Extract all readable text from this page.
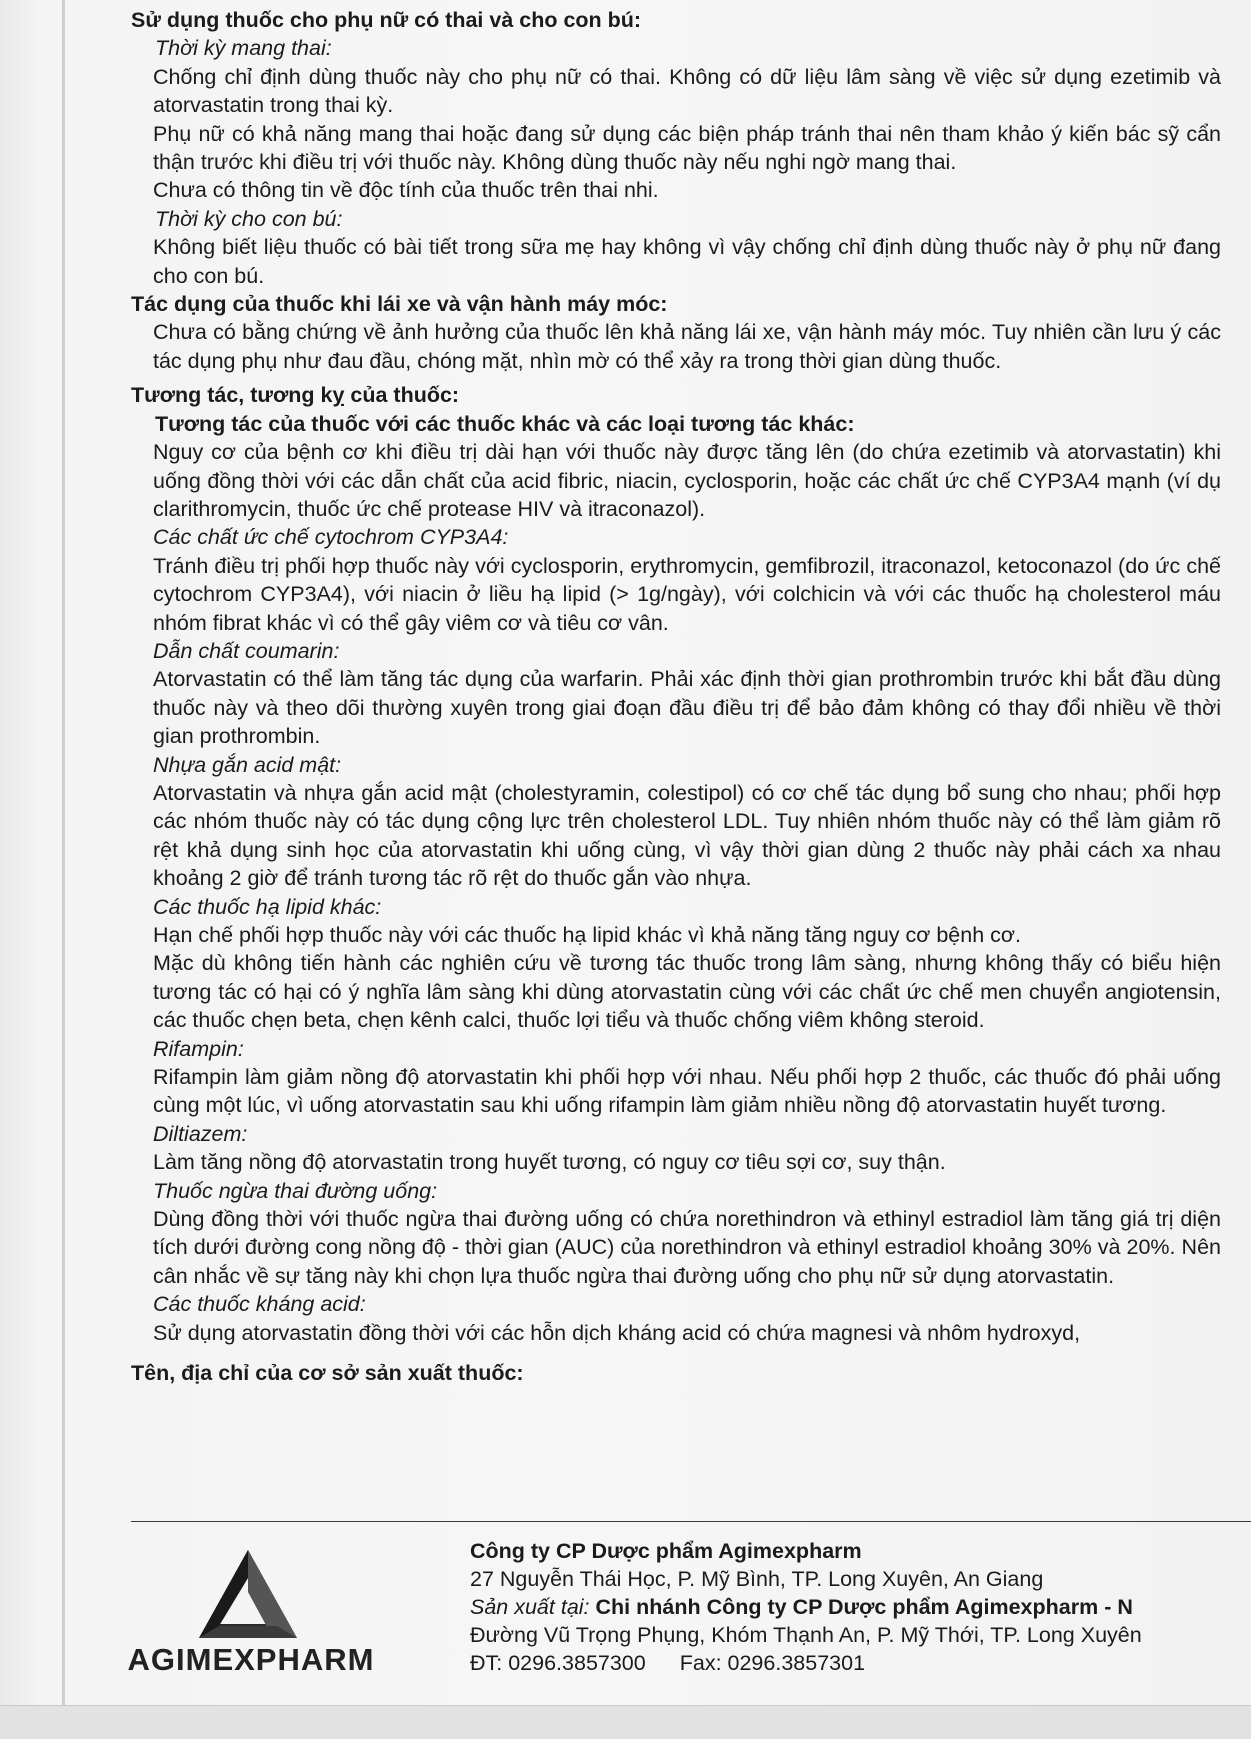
Sử dụng thuốc cho phụ nữ có thai và cho con bú:

Thời kỳ mang thai:

Chống chỉ định dùng thuốc này cho phụ nữ có thai. Không có dữ liệu lâm sàng về việc sử dụng ezetimib và atorvastatin trong thai kỳ.

Phụ nữ có khả năng mang thai hoặc đang sử dụng các biện pháp tránh thai nên tham khảo ý kiến bác sỹ cẩn thận trước khi điều trị với thuốc này. Không dùng thuốc này nếu nghi ngờ mang thai.

Chưa có thông tin về độc tính của thuốc trên thai nhi.

Thời kỳ cho con bú:

Không biết liệu thuốc có bài tiết trong sữa mẹ hay không vì vậy chống chỉ định dùng thuốc này ở phụ nữ đang cho con bú.

Tác dụng của thuốc khi lái xe và vận hành máy móc:

Chưa có bằng chứng về ảnh hưởng của thuốc lên khả năng lái xe, vận hành máy móc. Tuy nhiên cần lưu ý các tác dụng phụ như đau đầu, chóng mặt, nhìn mờ có thể xảy ra trong thời gian dùng thuốc.

Tương tác, tương kỵ của thuốc:

Tương tác của thuốc với các thuốc khác và các loại tương tác khác:

Nguy cơ của bệnh cơ khi điều trị dài hạn với thuốc này được tăng lên (do chứa ezetimib và atorvastatin) khi uống đồng thời với các dẫn chất của acid fibric, niacin, cyclosporin, hoặc các chất ức chế CYP3A4 mạnh (ví dụ clarithromycin, thuốc ức chế protease HIV và itraconazol).

Các chất ức chế cytochrom CYP3A4:

Tránh điều trị phối hợp thuốc này với cyclosporin, erythromycin, gemfibrozil, itraconazol, ketoconazol (do ức chế cytochrom CYP3A4), với niacin ở liều hạ lipid (> 1g/ngày), với colchicin và với các thuốc hạ cholesterol máu nhóm fibrat khác vì có thể gây viêm cơ và tiêu cơ vân.

Dẫn chất coumarin:

Atorvastatin có thể làm tăng tác dụng của warfarin. Phải xác định thời gian prothrombin trước khi bắt đầu dùng thuốc này và theo dõi thường xuyên trong giai đoạn đầu điều trị để bảo đảm không có thay đổi nhiều về thời gian prothrombin.

Nhựa gắn acid mật:

Atorvastatin và nhựa gắn acid mật (cholestyramin, colestipol) có cơ chế tác dụng bổ sung cho nhau; phối hợp các nhóm thuốc này có tác dụng cộng lực trên cholesterol LDL. Tuy nhiên nhóm thuốc này có thể làm giảm rõ rệt khả dụng sinh học của atorvastatin khi uống cùng, vì vậy thời gian dùng 2 thuốc này phải cách xa nhau khoảng 2 giờ để tránh tương tác rõ rệt do thuốc gắn vào nhựa.

Các thuốc hạ lipid khác:

Hạn chế phối hợp thuốc này với các thuốc hạ lipid khác vì khả năng tăng nguy cơ bệnh cơ.

Mặc dù không tiến hành các nghiên cứu về tương tác thuốc trong lâm sàng, nhưng không thấy có biểu hiện tương tác có hại có ý nghĩa lâm sàng khi dùng atorvastatin cùng với các chất ức chế men chuyển angiotensin, các thuốc chẹn beta, chẹn kênh calci, thuốc lợi tiểu và thuốc chống viêm không steroid.

Rifampin:

Rifampin làm giảm nồng độ atorvastatin khi phối hợp với nhau. Nếu phối hợp 2 thuốc, các thuốc đó phải uống cùng một lúc, vì uống atorvastatin sau khi uống rifampin làm giảm nhiều nồng độ atorvastatin huyết tương.

Diltiazem:

Làm tăng nồng độ atorvastatin trong huyết tương, có nguy cơ tiêu sợi cơ, suy thận.

Thuốc ngừa thai đường uống:

Dùng đồng thời với thuốc ngừa thai đường uống có chứa norethindron và ethinyl estradiol làm tăng giá trị diện tích dưới đường cong nồng độ - thời gian (AUC) của norethindron và ethinyl estradiol khoảng 30% và 20%. Nên cân nhắc về sự tăng này khi chọn lựa thuốc ngừa thai đường uống cho phụ nữ sử dụng atorvastatin.

Các thuốc kháng acid:

Sử dụng atorvastatin đồng thời với các hỗn dịch kháng acid có chứa magnesi và nhôm hydroxyd,

Tên, địa chỉ của cơ sở sản xuất thuốc:

AGIMEXPHARM

Công ty CP Dược phẩm Agimexpharm

27 Nguyễn Thái Học, P. Mỹ Bình, TP. Long Xuyên, An Giang

Sản xuất tại: Chi nhánh Công ty CP Dược phẩm Agimexpharm - N

Đường Vũ Trọng Phụng, Khóm Thạnh An, P. Mỹ Thới, TP. Long Xuyên

ĐT: 0296.3857300 Fax: 0296.3857301
